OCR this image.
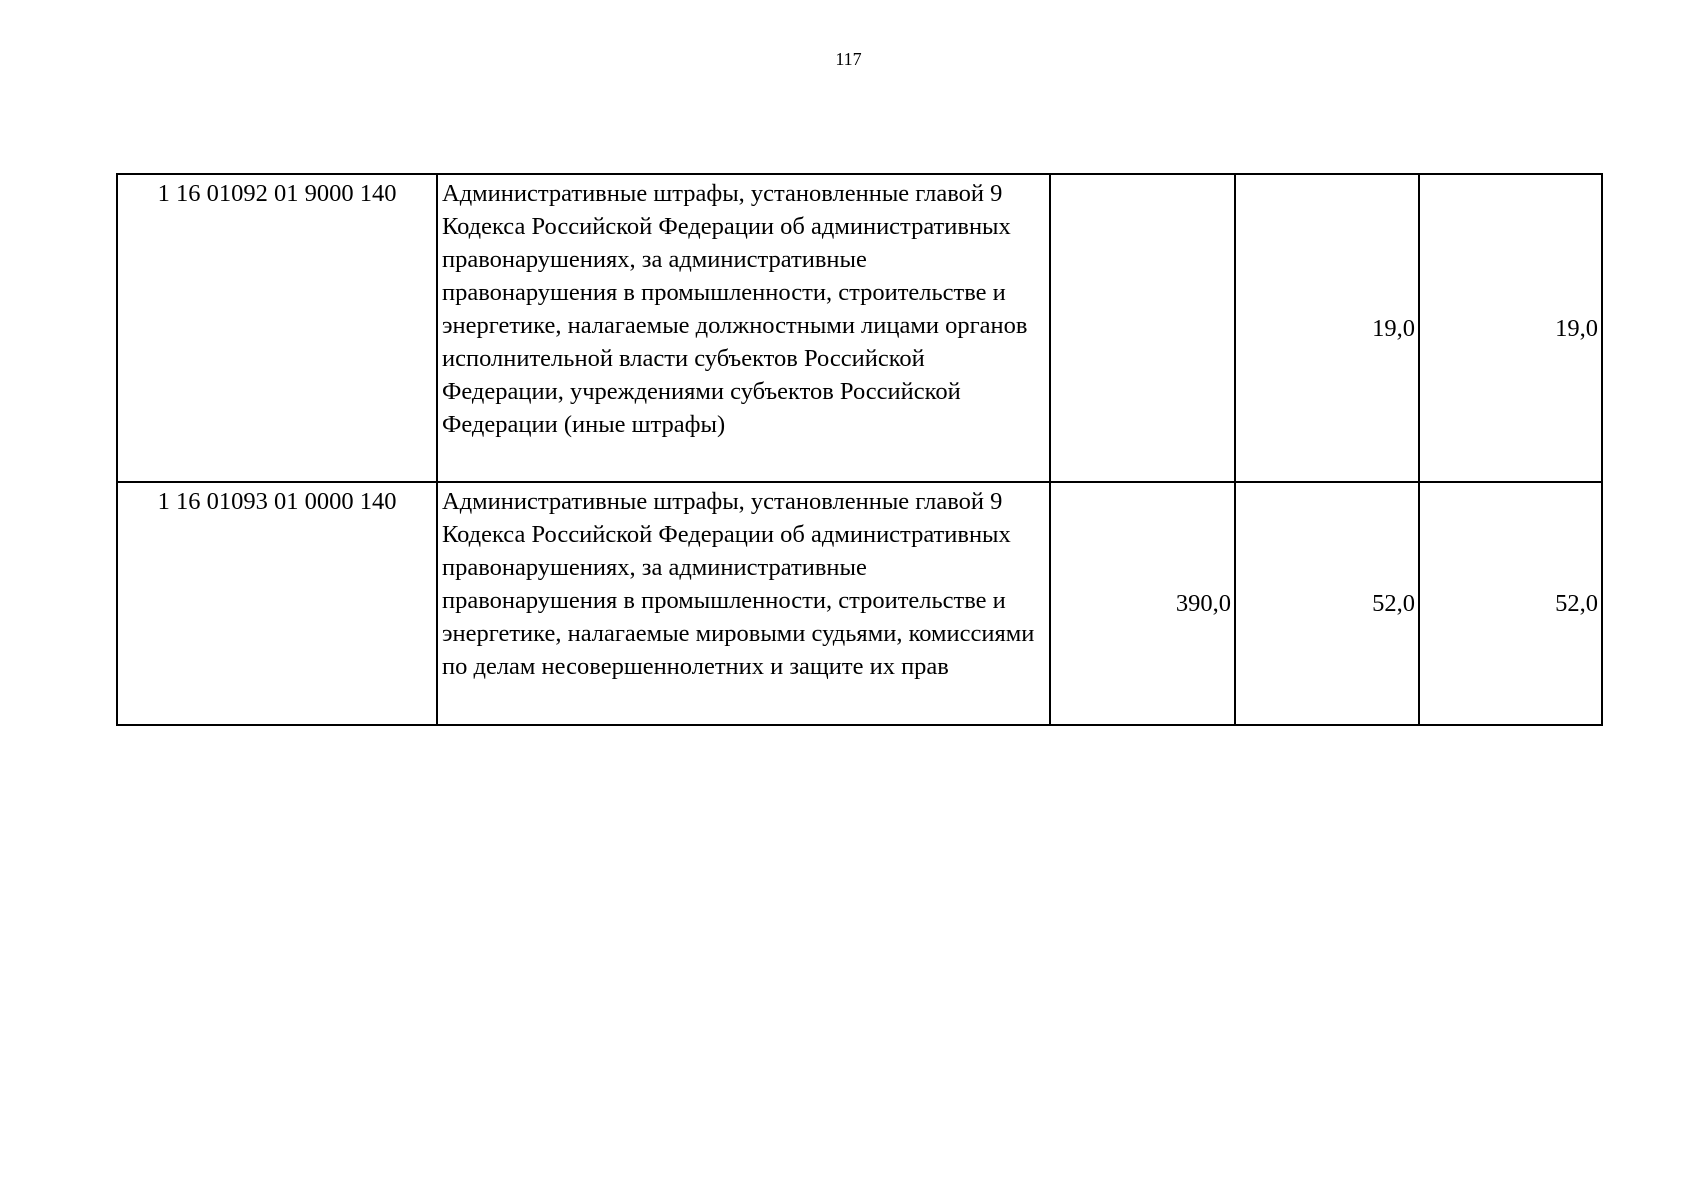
117
1 16 01092 01 9000 140	Административные штрафы, установленные главой 9 Кодекса Российской Федерации об административных правонарушениях, за административные правонарушения в промышленности, строительстве и энергетике, налагаемые должностными лицами органов исполнительной власти субъектов Российской Федерации, учреждениями субъектов Российской Федерации (иные штрафы)		19,0	19,0
1 16 01093 01 0000 140	Административные штрафы, установленные главой 9 Кодекса Российской Федерации об административных правонарушениях, за административные правонарушения в промышленности, строительстве и энергетике, налагаемые мировыми судьями, комиссиями по делам несовершеннолетних и защите их прав	390,0	52,0	52,0
